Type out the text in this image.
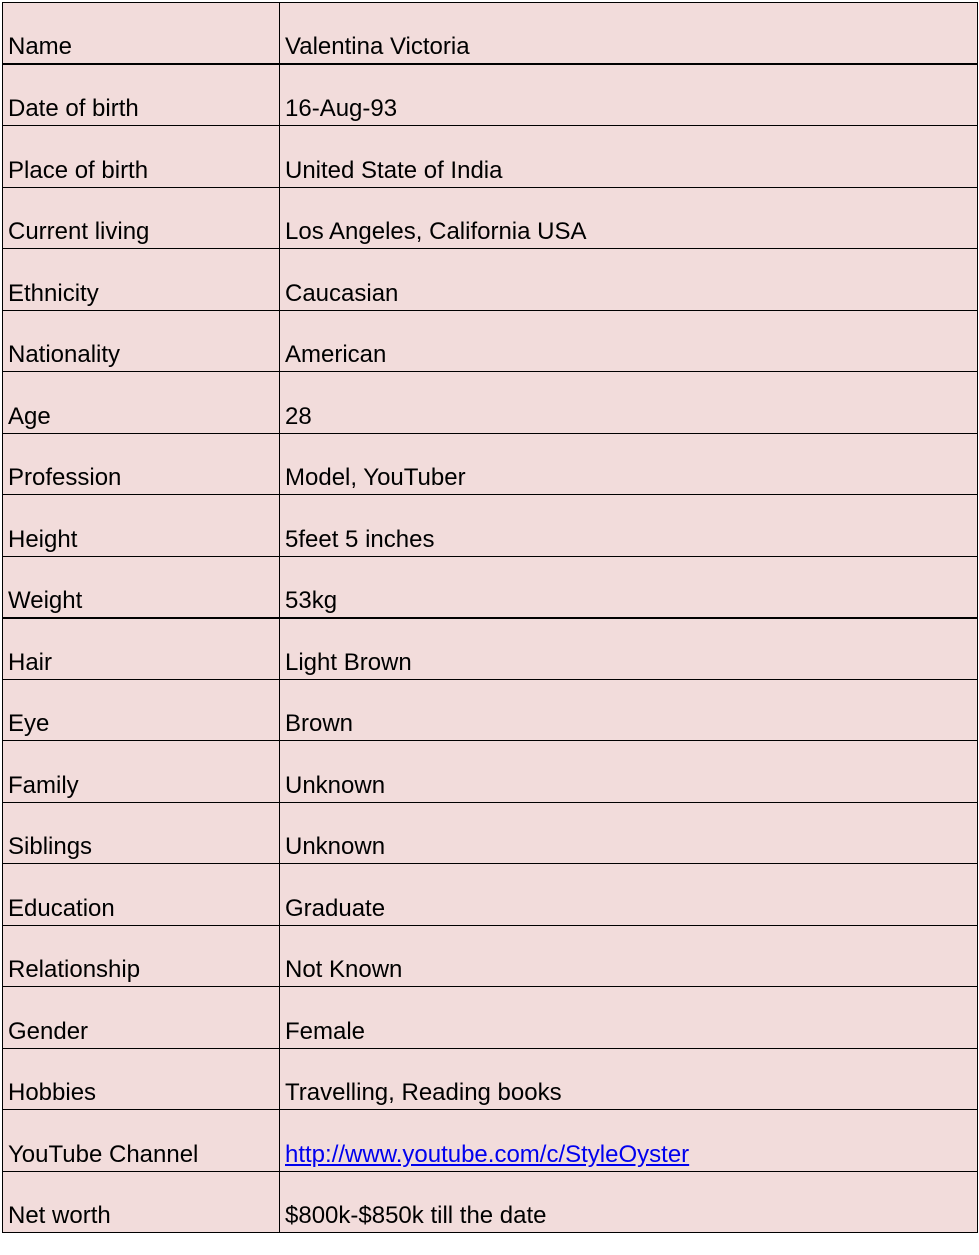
Name	Valentina Victoria
Date of birth	16-Aug-93
Place of birth	United State of India
Current living	Los Angeles, California USA
Ethnicity	Caucasian
Nationality	American
Age	28
Profession	Model, YouTuber
Height	5feet 5 inches
Weight	53kg
Hair	Light Brown
Eye	Brown
Family	Unknown
Siblings	Unknown
Education	Graduate
Relationship	Not Known
Gender	Female
Hobbies	Travelling, Reading books
YouTube Channel	http://www.youtube.com/c/StyleOyster
Net worth	$800k-$850k till the date
